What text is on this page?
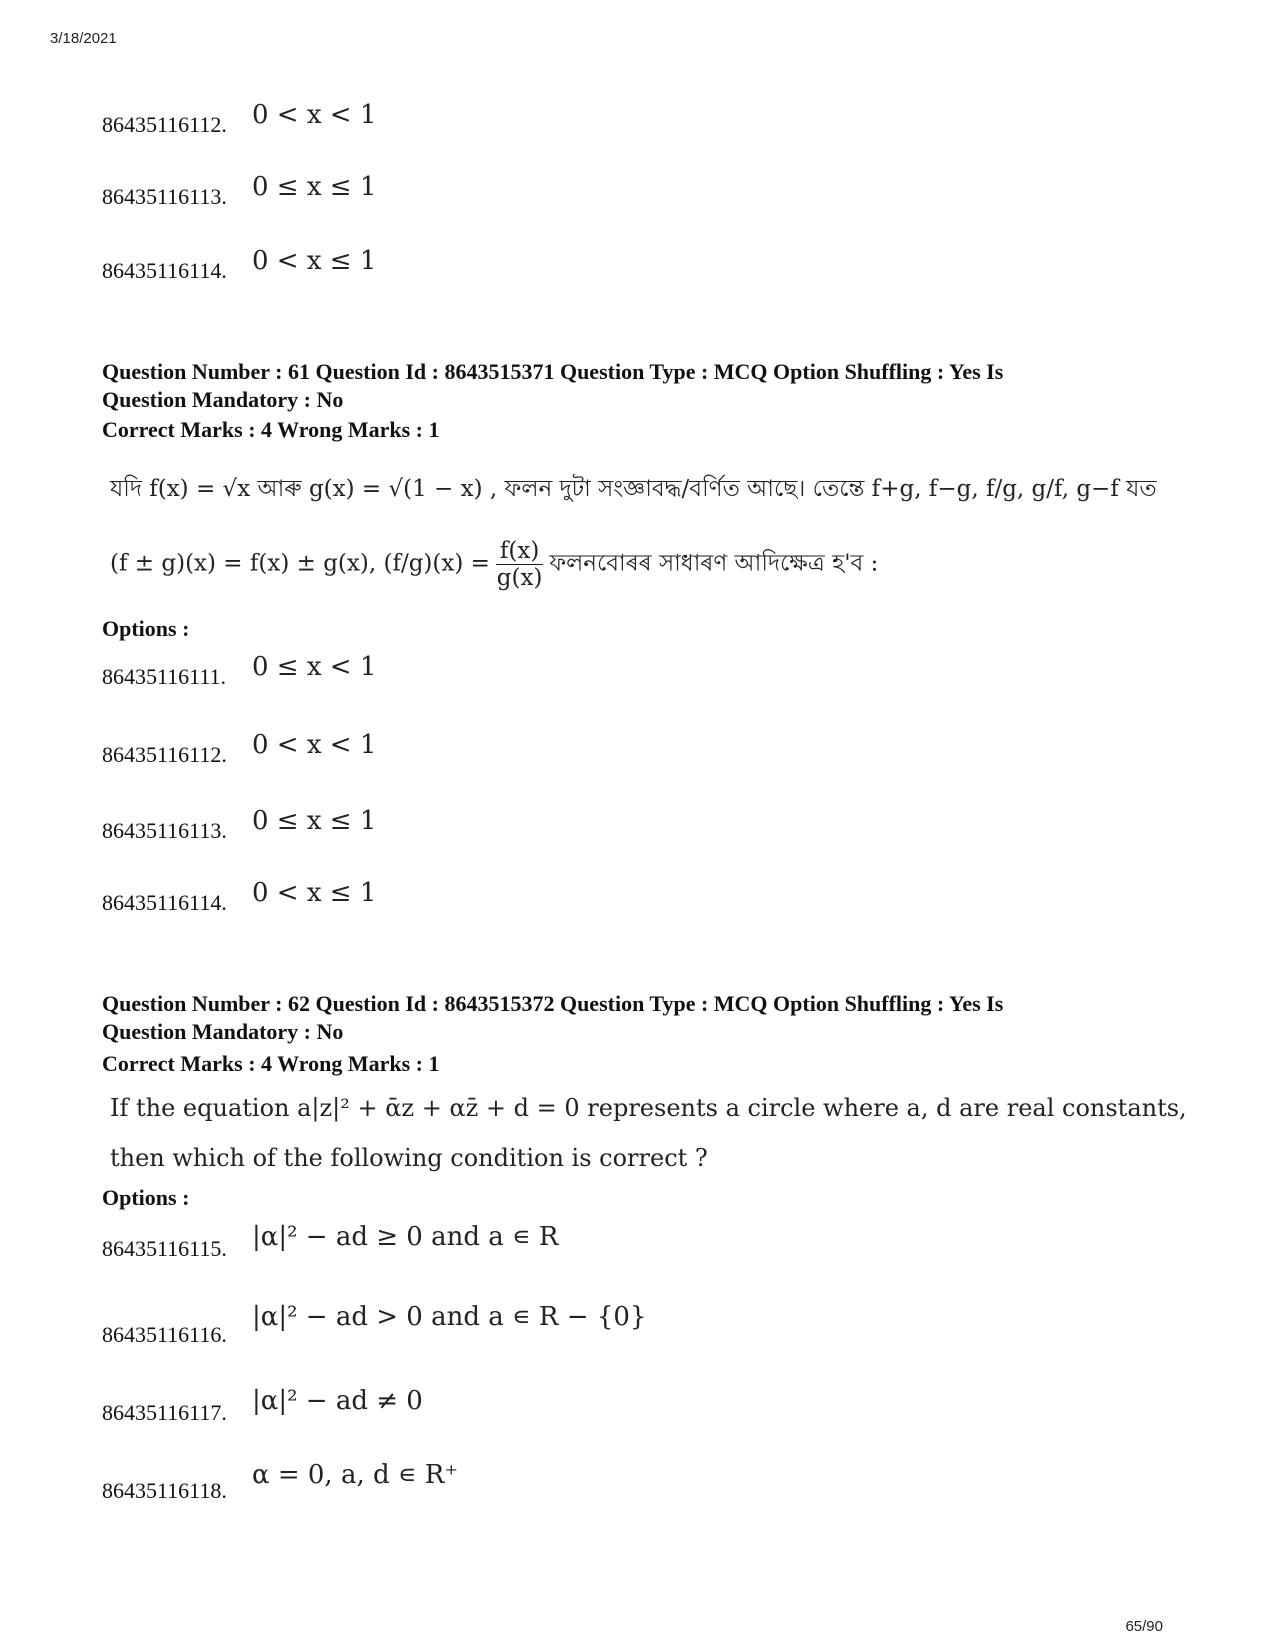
3/18/2021
86435116112. 0 < x < 1
86435116113. 0 ≤ x ≤ 1
86435116114. 0 < x ≤ 1
Question Number : 61 Question Id : 8643515371 Question Type : MCQ Option Shuffling : Yes Is
Question Mandatory : No
Correct Marks : 4 Wrong Marks : 1
যদি f(x) = √x আৰু g(x) = √(1 − x) , ফলন দুটা সংজ্ঞাবদ্ধ/বৰ্ণিত আছে। তেন্তে f+g, f−g, f/g, g/f, g−f যত
(f ± g)(x) = f(x) ± g(x), $(f/g)(x) = \frac{f(x)}{g(x)}$ ফলনবোৰৰ সাধাৰণ আদিক্ষেত্ৰ হ'ব :
Options :
86435116111. 0 ≤ x < 1
86435116112. 0 < x < 1
86435116113. 0 ≤ x ≤ 1
86435116114. 0 < x ≤ 1
Question Number : 62 Question Id : 8643515372 Question Type : MCQ Option Shuffling : Yes Is
Question Mandatory : No
Correct Marks : 4 Wrong Marks : 1
If the equation a|z|² + ᾱz + αz̄ + d = 0 represents a circle where a, d are real constants,
then which of the following condition is correct ?
Options :
86435116115. |α|² − ad ≥ 0 and a ∊ R
86435116116.
|α|² − ad > 0 and a ∊ R − {0}
86435116117. |α|² − ad ≠ 0
86435116118.
α = 0, a, d ∊ R⁺
65/90
